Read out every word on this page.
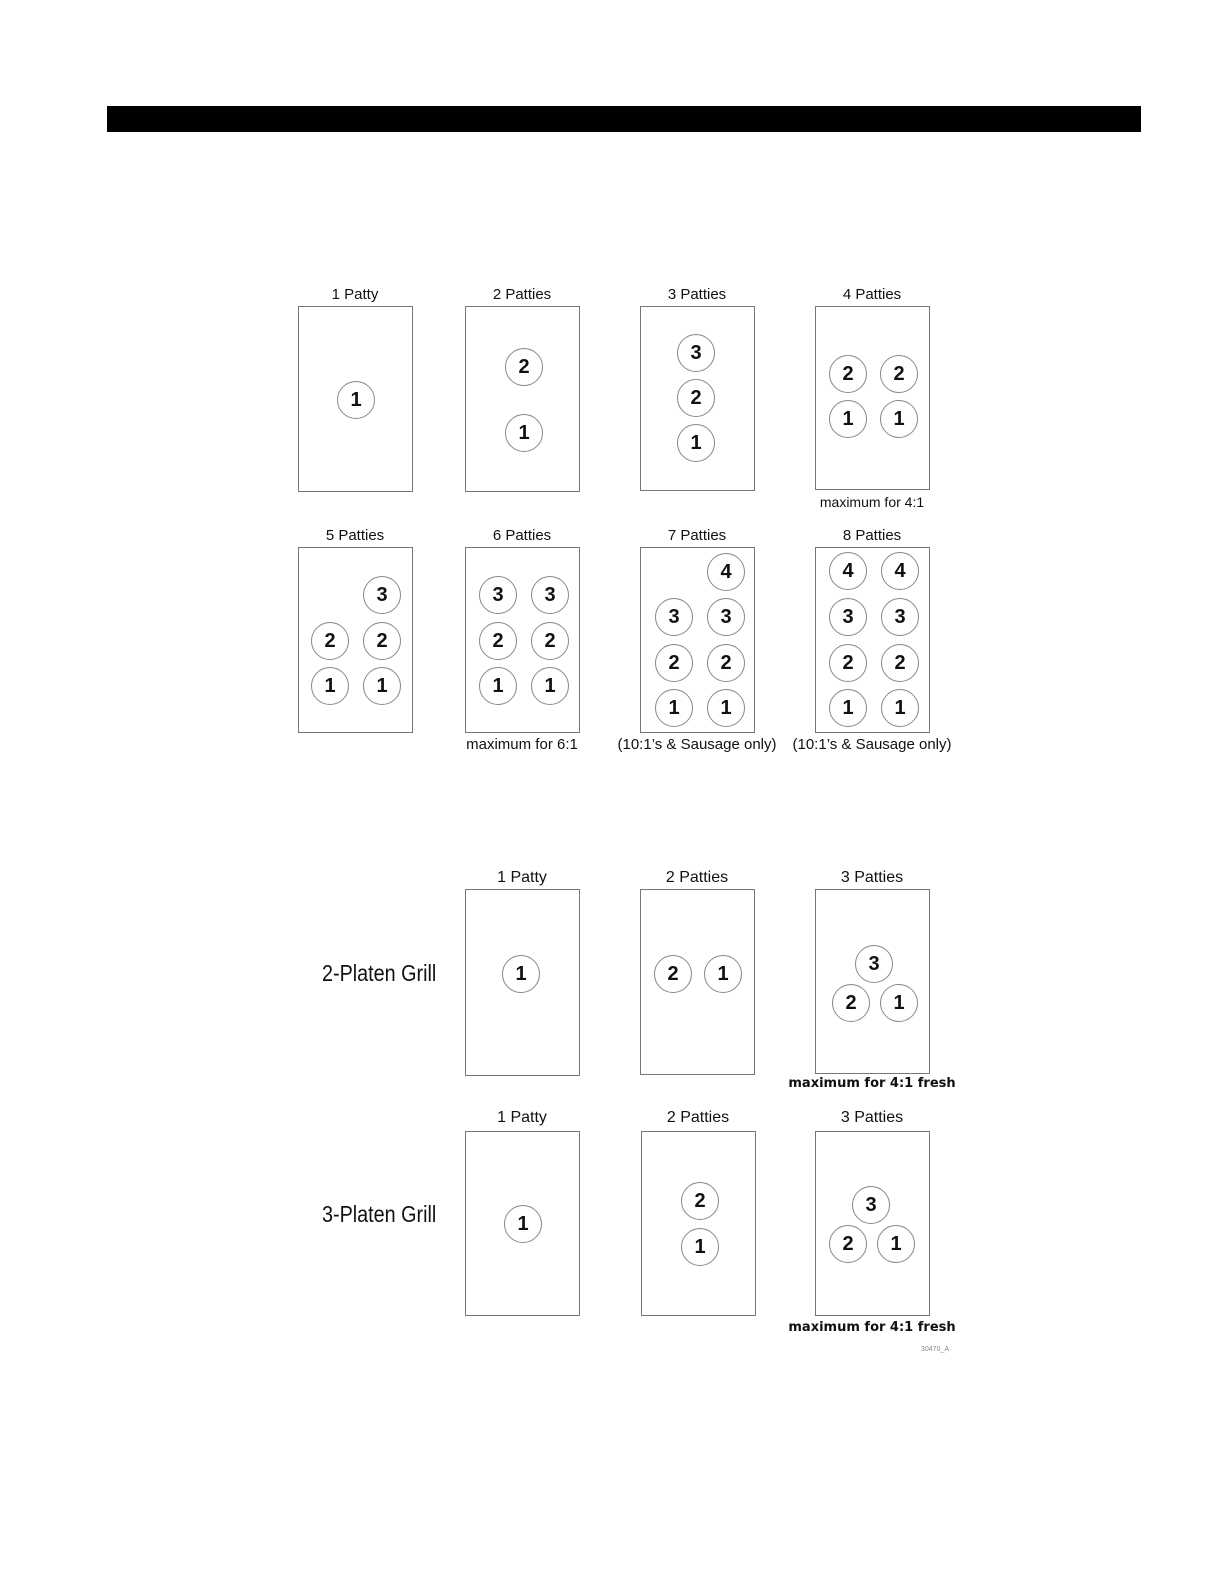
1 Patty
1
2 Patties
2
1
3 Patties
3
2
1
4 Patties
2	2
1	1
maximum for 4:1
5 Patties
3
2	2
1	1
6 Patties
3	3
2	2
1	1
maximum for 6:1
7 Patties
4
3	3
2	2
1	1
(10:1’s & Sausage only)
8 Patties
4	4
3	3
2	2
1	1
(10:1’s & Sausage only)
2-Platen Grill
1 Patty
1
2 Patties
2	1
3 Patties
3
2	1
maximum for 4:1 fresh
3-Platen Grill
1 Patty
1
2 Patties
2
1
3 Patties
3
2	1
maximum for 4:1 fresh
30470_A
